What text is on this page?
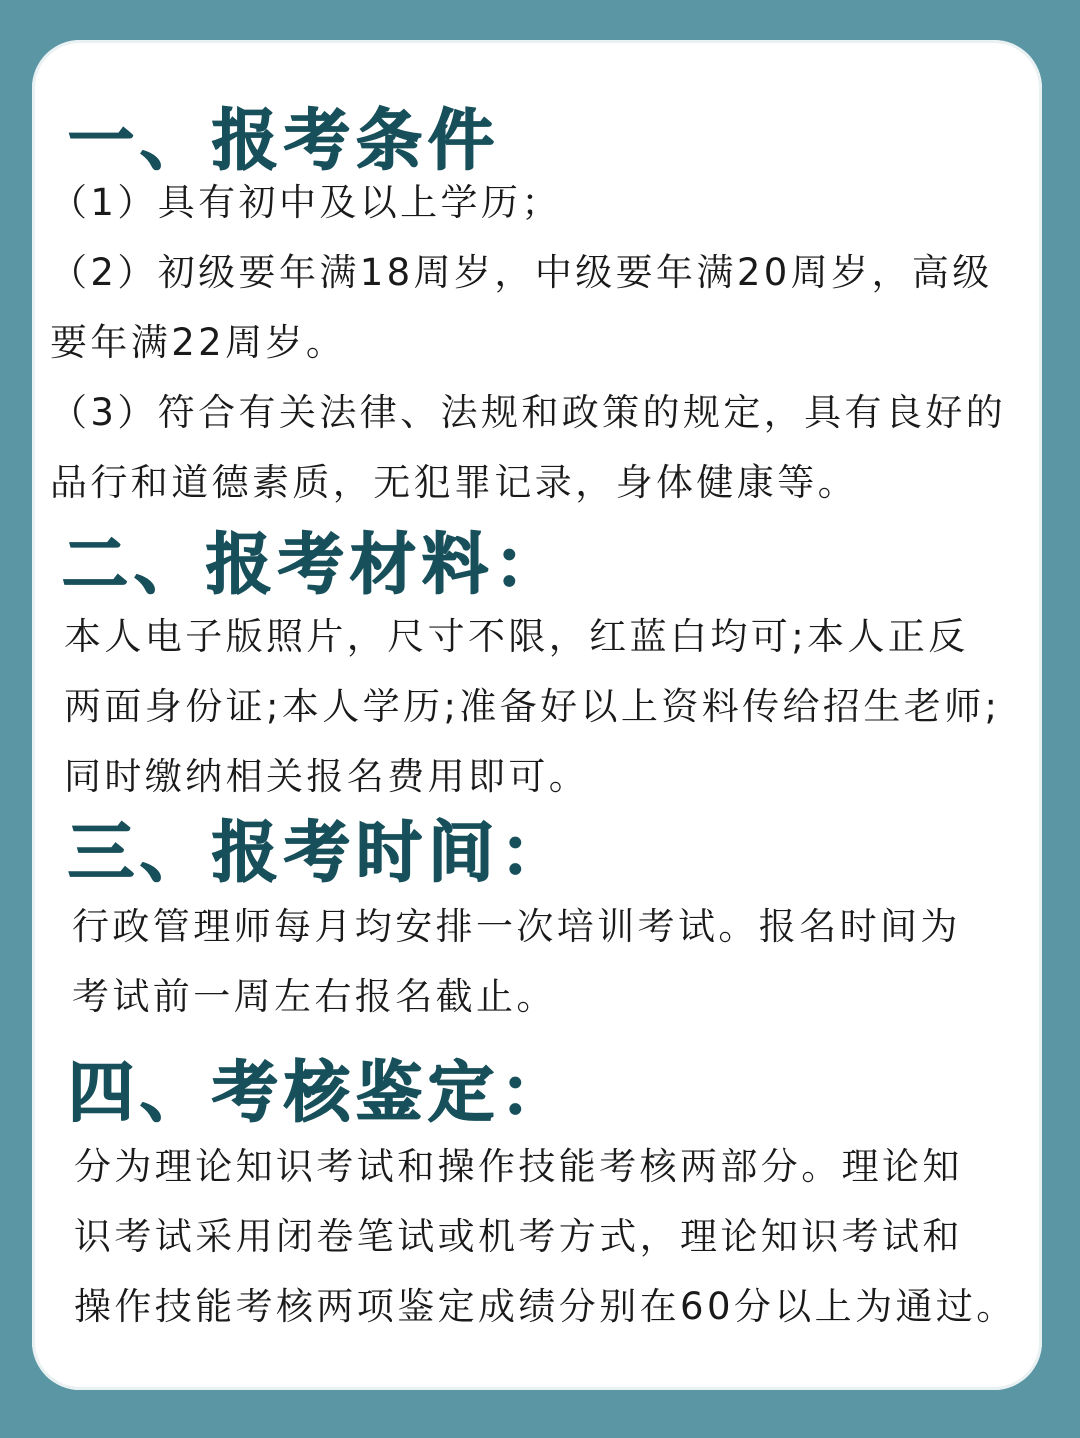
一、报考条件
（1）具有初中及以上学历；
（2）初级要年满18周岁，中级要年满20周岁，高级
要年满22周岁。
（3）符合有关法律、法规和政策的规定，具有良好的
品行和道德素质，无犯罪记录，身体健康等。
二、报考材料：
本人电子版照片，尺寸不限，红蓝白均可;本人正反
两面身份证;本人学历;准备好以上资料传给招生老师;
同时缴纳相关报名费用即可。
三、报考时间：
行政管理师每月均安排一次培训考试。报名时间为
考试前一周左右报名截止。
四、考核鉴定：
分为理论知识考试和操作技能考核两部分。理论知
识考试采用闭卷笔试或机考方式，理论知识考试和
操作技能考核两项鉴定成绩分别在60分以上为通过。
